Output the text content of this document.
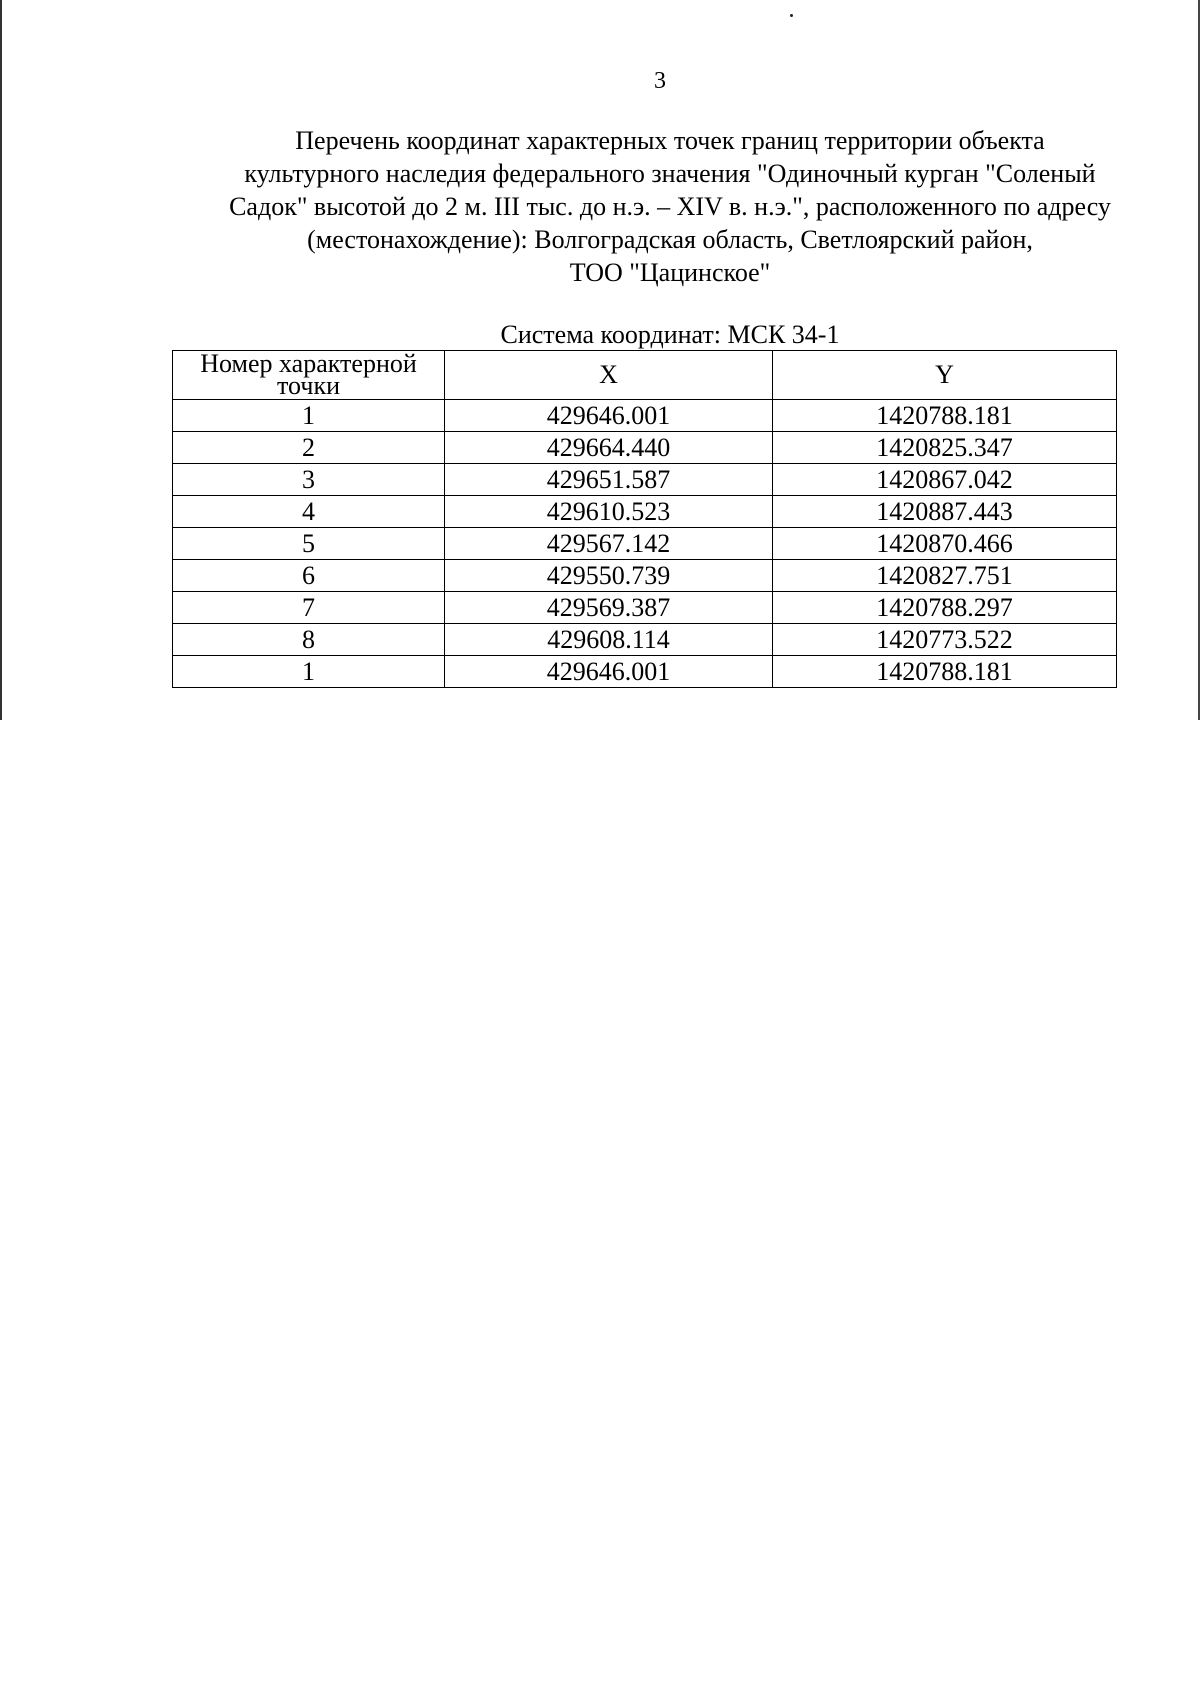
3
Перечень координат характерных точек границ территории объекта
культурного наследия федерального значения "Одиночный курган "Соленый
Садок" высотой до 2 м. III тыс. до н.э. – XIV в. н.э.", расположенного по адресу
(местонахождение): Волгоградская область, Светлоярский район,
ТОО "Цацинское"
Система координат: МСК 34-1
Номер характерной точки	X	Y
1	429646.001	1420788.181
2	429664.440	1420825.347
3	429651.587	1420867.042
4	429610.523	1420887.443
5	429567.142	1420870.466
6	429550.739	1420827.751
7	429569.387	1420788.297
8	429608.114	1420773.522
1	429646.001	1420788.181
